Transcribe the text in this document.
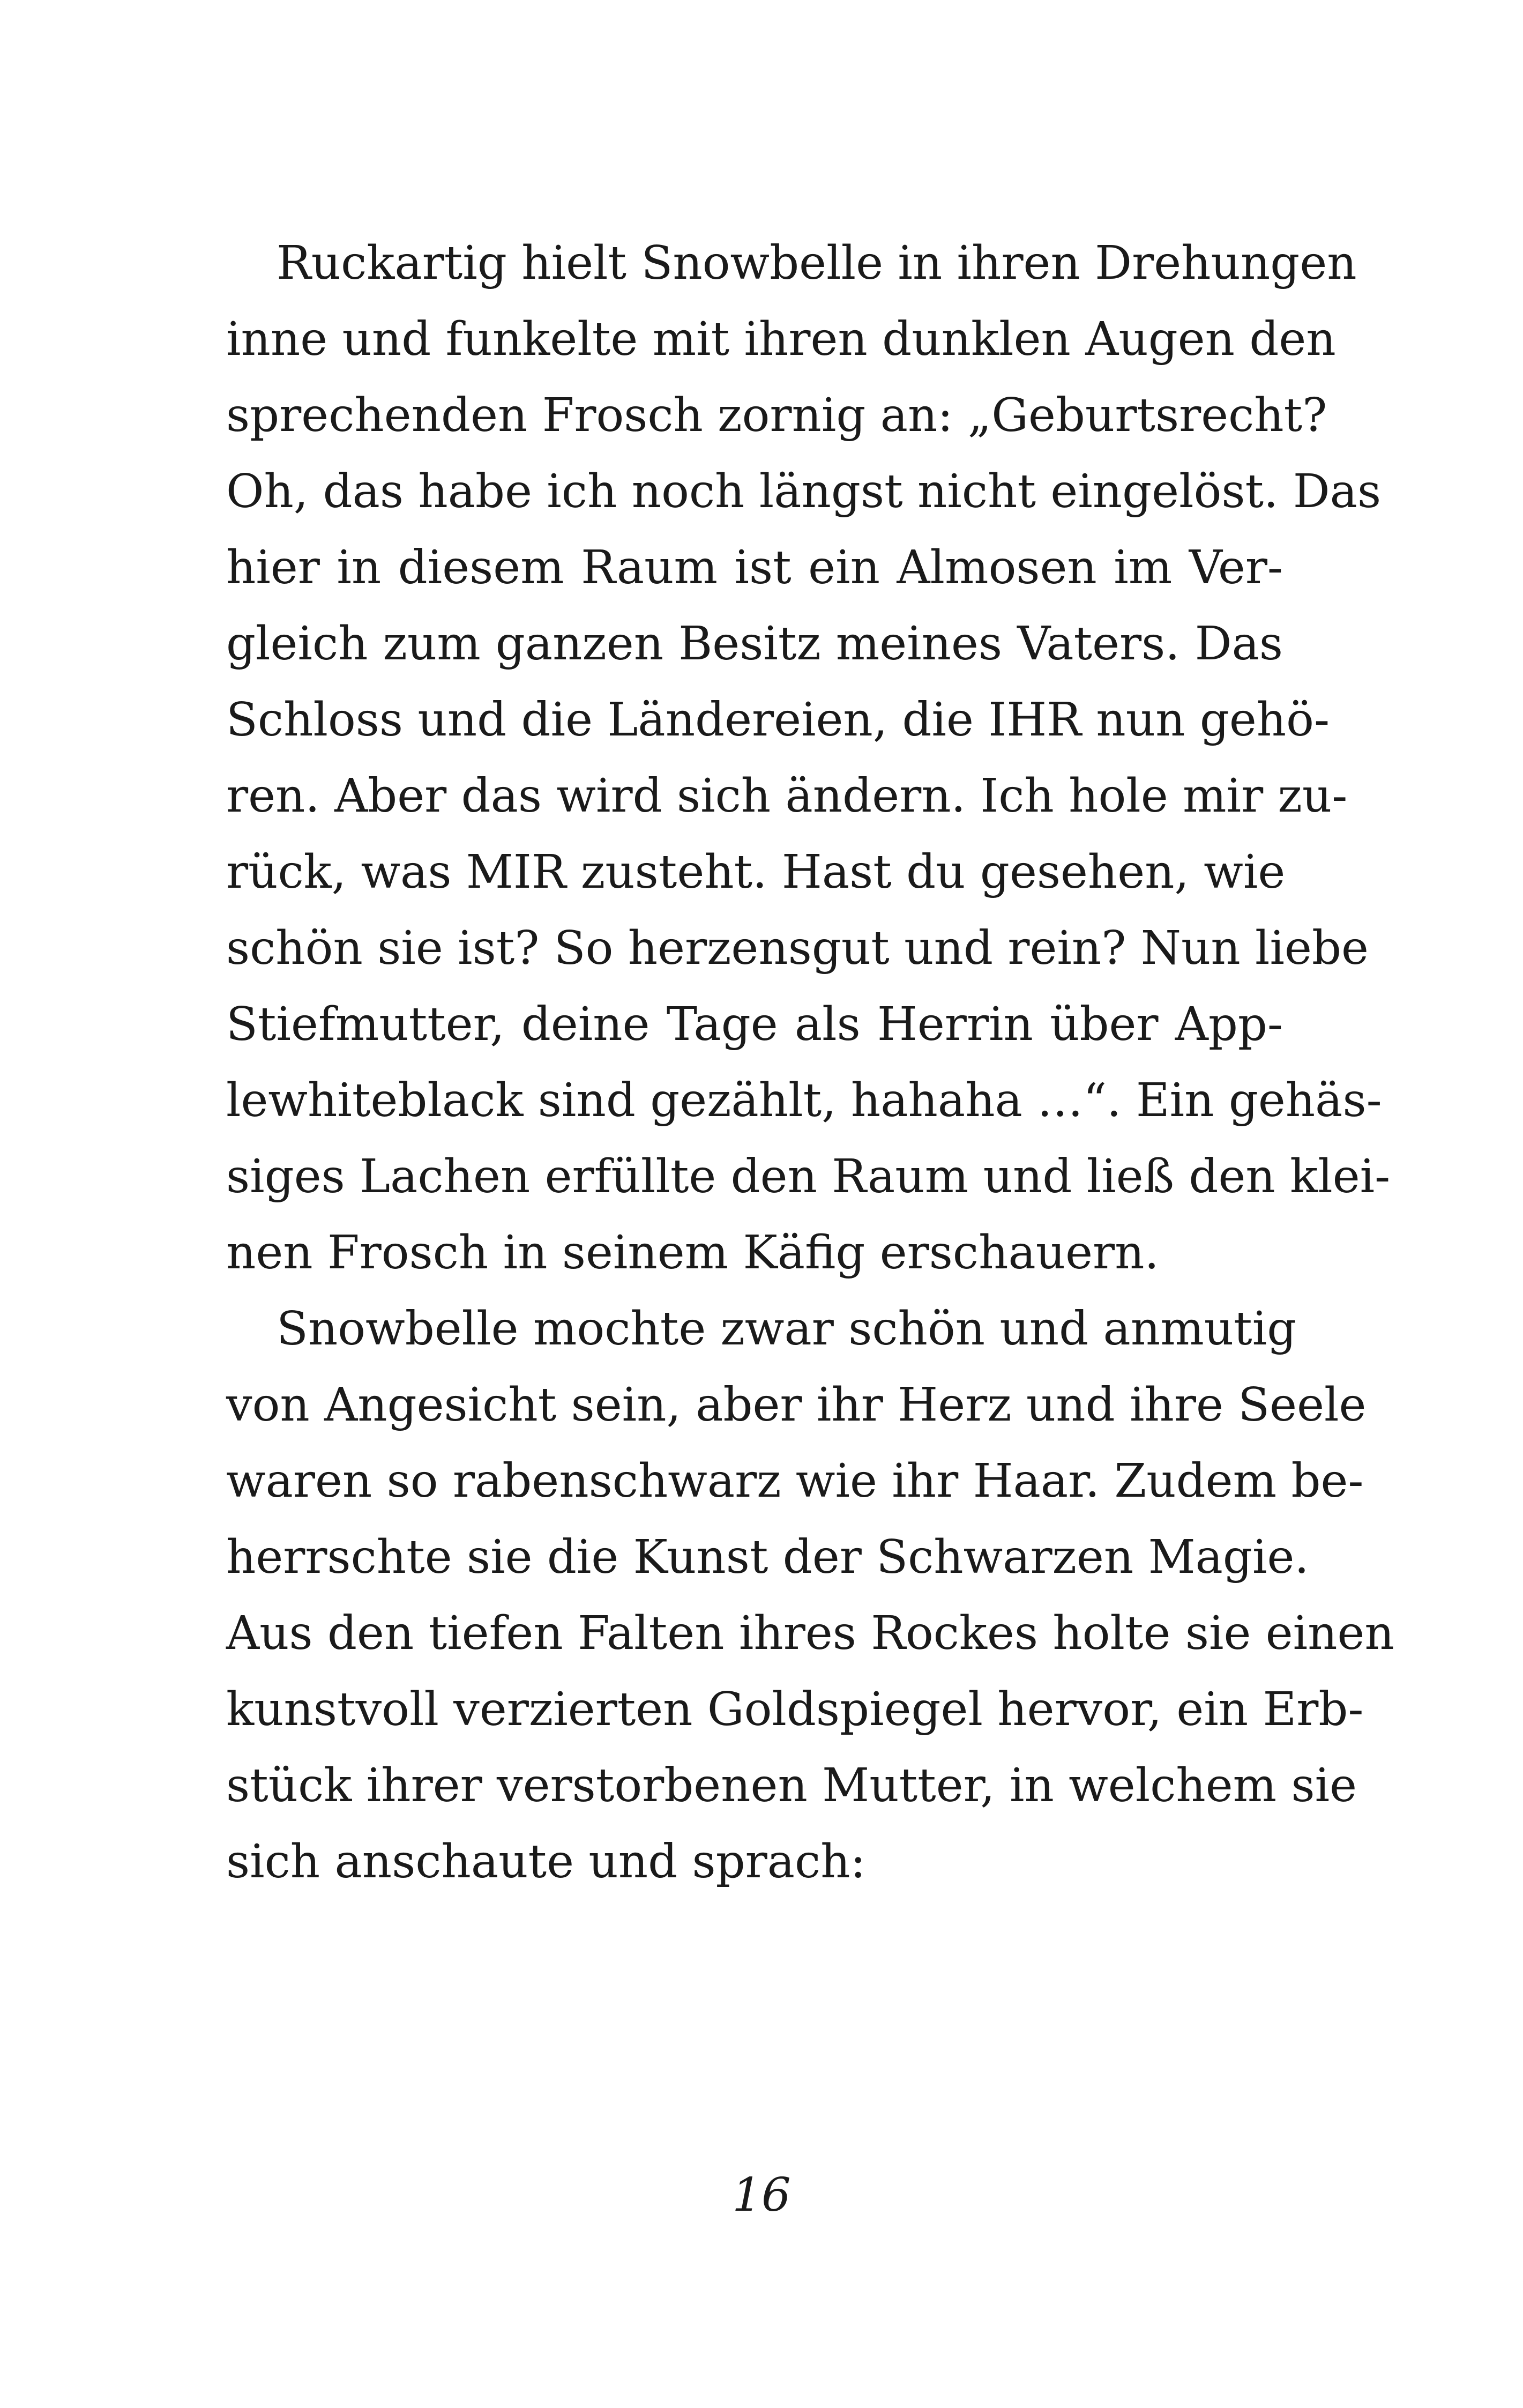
Ruckartig hielt Snowbelle in ihren Drehungen
inne und funkelte mit ihren dunklen Augen den
sprechenden Frosch zornig an: „Geburtsrecht?
Oh, das habe ich noch längst nicht eingelöst. Das
hier in diesem Raum ist ein Almosen im Ver-
gleich zum ganzen Besitz meines Vaters. Das
Schloss und die Ländereien, die IHR nun gehö-
ren. Aber das wird sich ändern. Ich hole mir zu-
rück, was MIR zusteht. Hast du gesehen, wie
schön sie ist? So herzensgut und rein? Nun liebe
Stiefmutter, deine Tage als Herrin über App-
lewhiteblack sind gezählt, hahaha …“. Ein gehäs-
siges Lachen erfüllte den Raum und ließ den klei-
nen Frosch in seinem Käfig erschauern.
Snowbelle mochte zwar schön und anmutig
von Angesicht sein, aber ihr Herz und ihre Seele
waren so rabenschwarz wie ihr Haar. Zudem be-
herrschte sie die Kunst der Schwarzen Magie.
Aus den tiefen Falten ihres Rockes holte sie einen
kunstvoll verzierten Goldspiegel hervor, ein Erb-
stück ihrer verstorbenen Mutter, in welchem sie
sich anschaute und sprach:
16
